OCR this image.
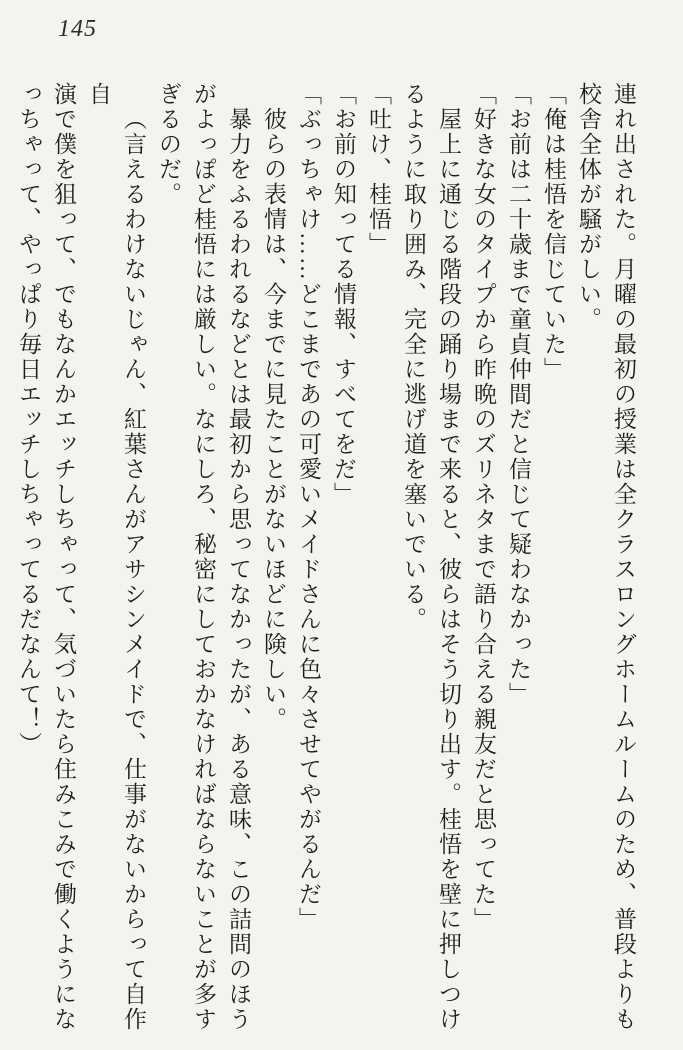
145

連れ出された。月曜の最初の授業は全クラスロングホームルームのため、普段よりも

校舎全体が騒がしい。

「俺は桂悟を信じていた」

「お前は二十歳まで童貞仲間だと信じて疑わなかった」

「好きな女のタイプから昨晩のズリネタまで語り合える親友だと思ってた」

屋上に通じる階段の踊り場まで来ると、彼らはそう切り出す。桂悟を壁に押しつけ

るように取り囲み、完全に逃げ道を塞いでいる。

「吐け、桂悟」

「お前の知ってる情報、すべてをだ」

「ぶっちゃけ……どこまであの可愛いメイドさんに色々させてやがるんだ」

彼らの表情は、今までに見たことがないほどに険しい。

暴力をふるわれるなどとは最初から思ってなかったが、ある意味、この詰問のほう

がよっぽど桂悟には厳しい。なにしろ、秘密にしておかなければならないことが多す

ぎるのだ。

（言えるわけないじゃん、紅葉さんがアサシンメイドで、仕事がないからって自作自

演で僕を狙って、でもなんかエッチしちゃって、気づいたら住みこみで働くようにな

っちゃって、やっぱり毎日エッチしちゃってるだなんて！）
